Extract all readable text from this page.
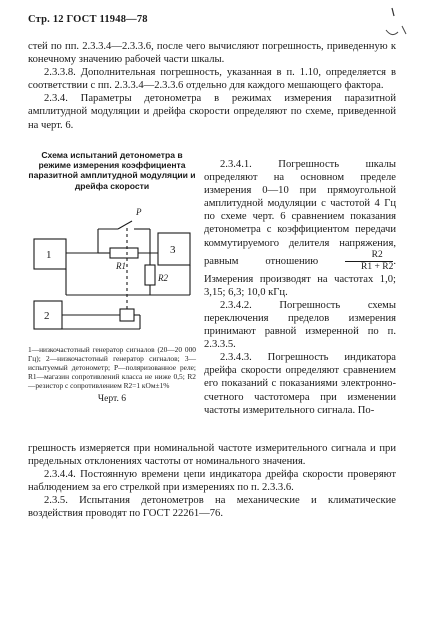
Стр. 12 ГОСТ 11948—78

стей по пп. 2.3.3.4—2.3.3.6, после чего вычисляют погрешность, приведенную к конечному значению рабочей части шкалы.

2.3.3.8. Дополнительная погрешность, указанная в п. 1.10, определяется в соответствии с пп. 2.3.3.4—2.3.3.6 отдельно для каждого мешающего фактора.

2.3.4. Параметры детонометра в режимах измерения паразитной амплитудной модуляции и дрейфа скорости определяют по схеме, приведенной на черт. 6.

Схема испытаний детонометра в режиме измерения коэффициента паразитной амплитудной модуляции и дрейфа скорости
1	3
2
P
R1
R2
1—низкочастотный генератор сигналов (20—20 000 Гц); 2—низкочастотный генератор сигналов; 3—испытуемый детонометр; Р—поляризованное реле; R1—магазин сопротивлений класса не ниже 0,5; R2—резистор с сопротивлением R2=1 кОм±1%
Черт. 6

2.3.4.1. Погрешность шкалы определяют на основном пределе измерения 0—10 при прямоугольной амплитудной модуляции с частотой 4 Гц по схеме черт. 6 сравнением показания детонометра с коэффициентом передачи коммутируемого делителя напряжения, равным отношению	$\frac{R2}{R1 + R2}$ . Измерения производят на частотах 1,0; 3,15; 6,3; 10,0 кГц.

2.3.4.2. Погрешность схемы переключения пределов измерения принимают равной измеренной по п. 2.3.3.5.

2.3.4.3. Погрешность индикатора дрейфа скорости определяют сравнением его показаний с показаниями электронно-счетного частотомера при изменении частоты измерительного сигнала. По-

грешность измеряется при номинальной частоте измерительного сигнала и при предельных отклонениях частоты от номинального значения.

2.3.4.4. Постоянную времени цепи индикатора дрейфа скорости проверяют наблюдением за его стрелкой при измерениях по п. 2.3.3.6.

2.3.5. Испытания детонометров на механические и климатические воздействия проводят по ГОСТ 22261—76.
